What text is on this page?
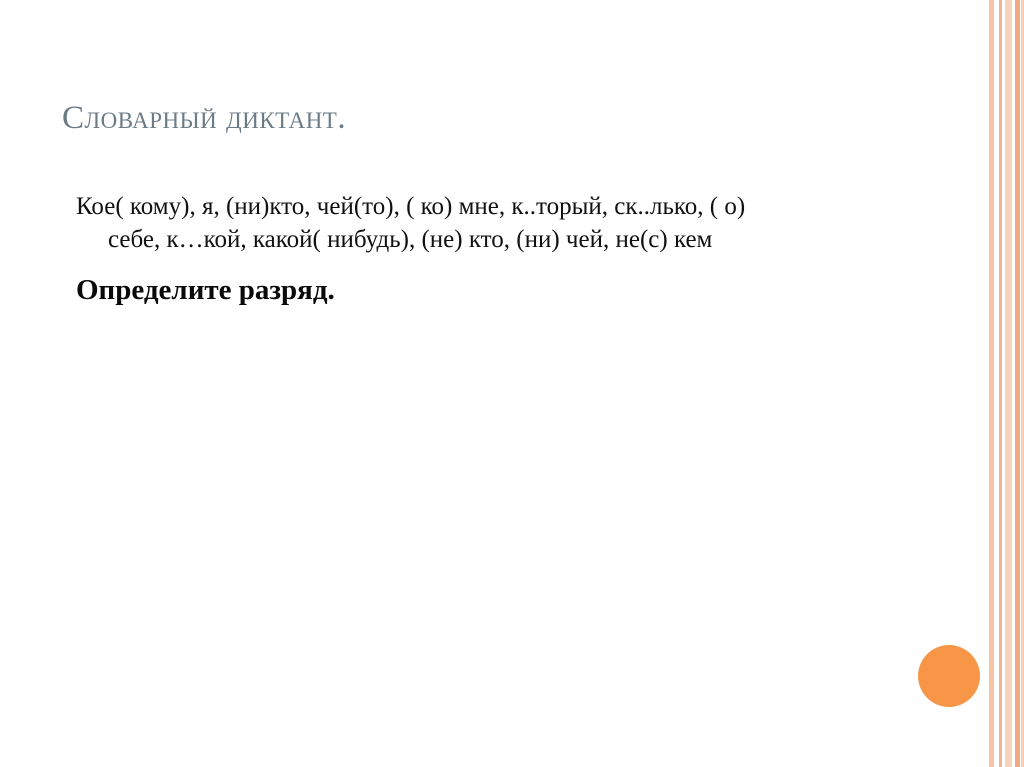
Словарный диктант.
Кое( кому), я, (ни)кто, чей(то), ( ко) мне, к..торый, ск..лько, ( о) себе, к…кой, какой( нибудь), (не) кто, (ни) чей, не(с) кем
Определите разряд.
